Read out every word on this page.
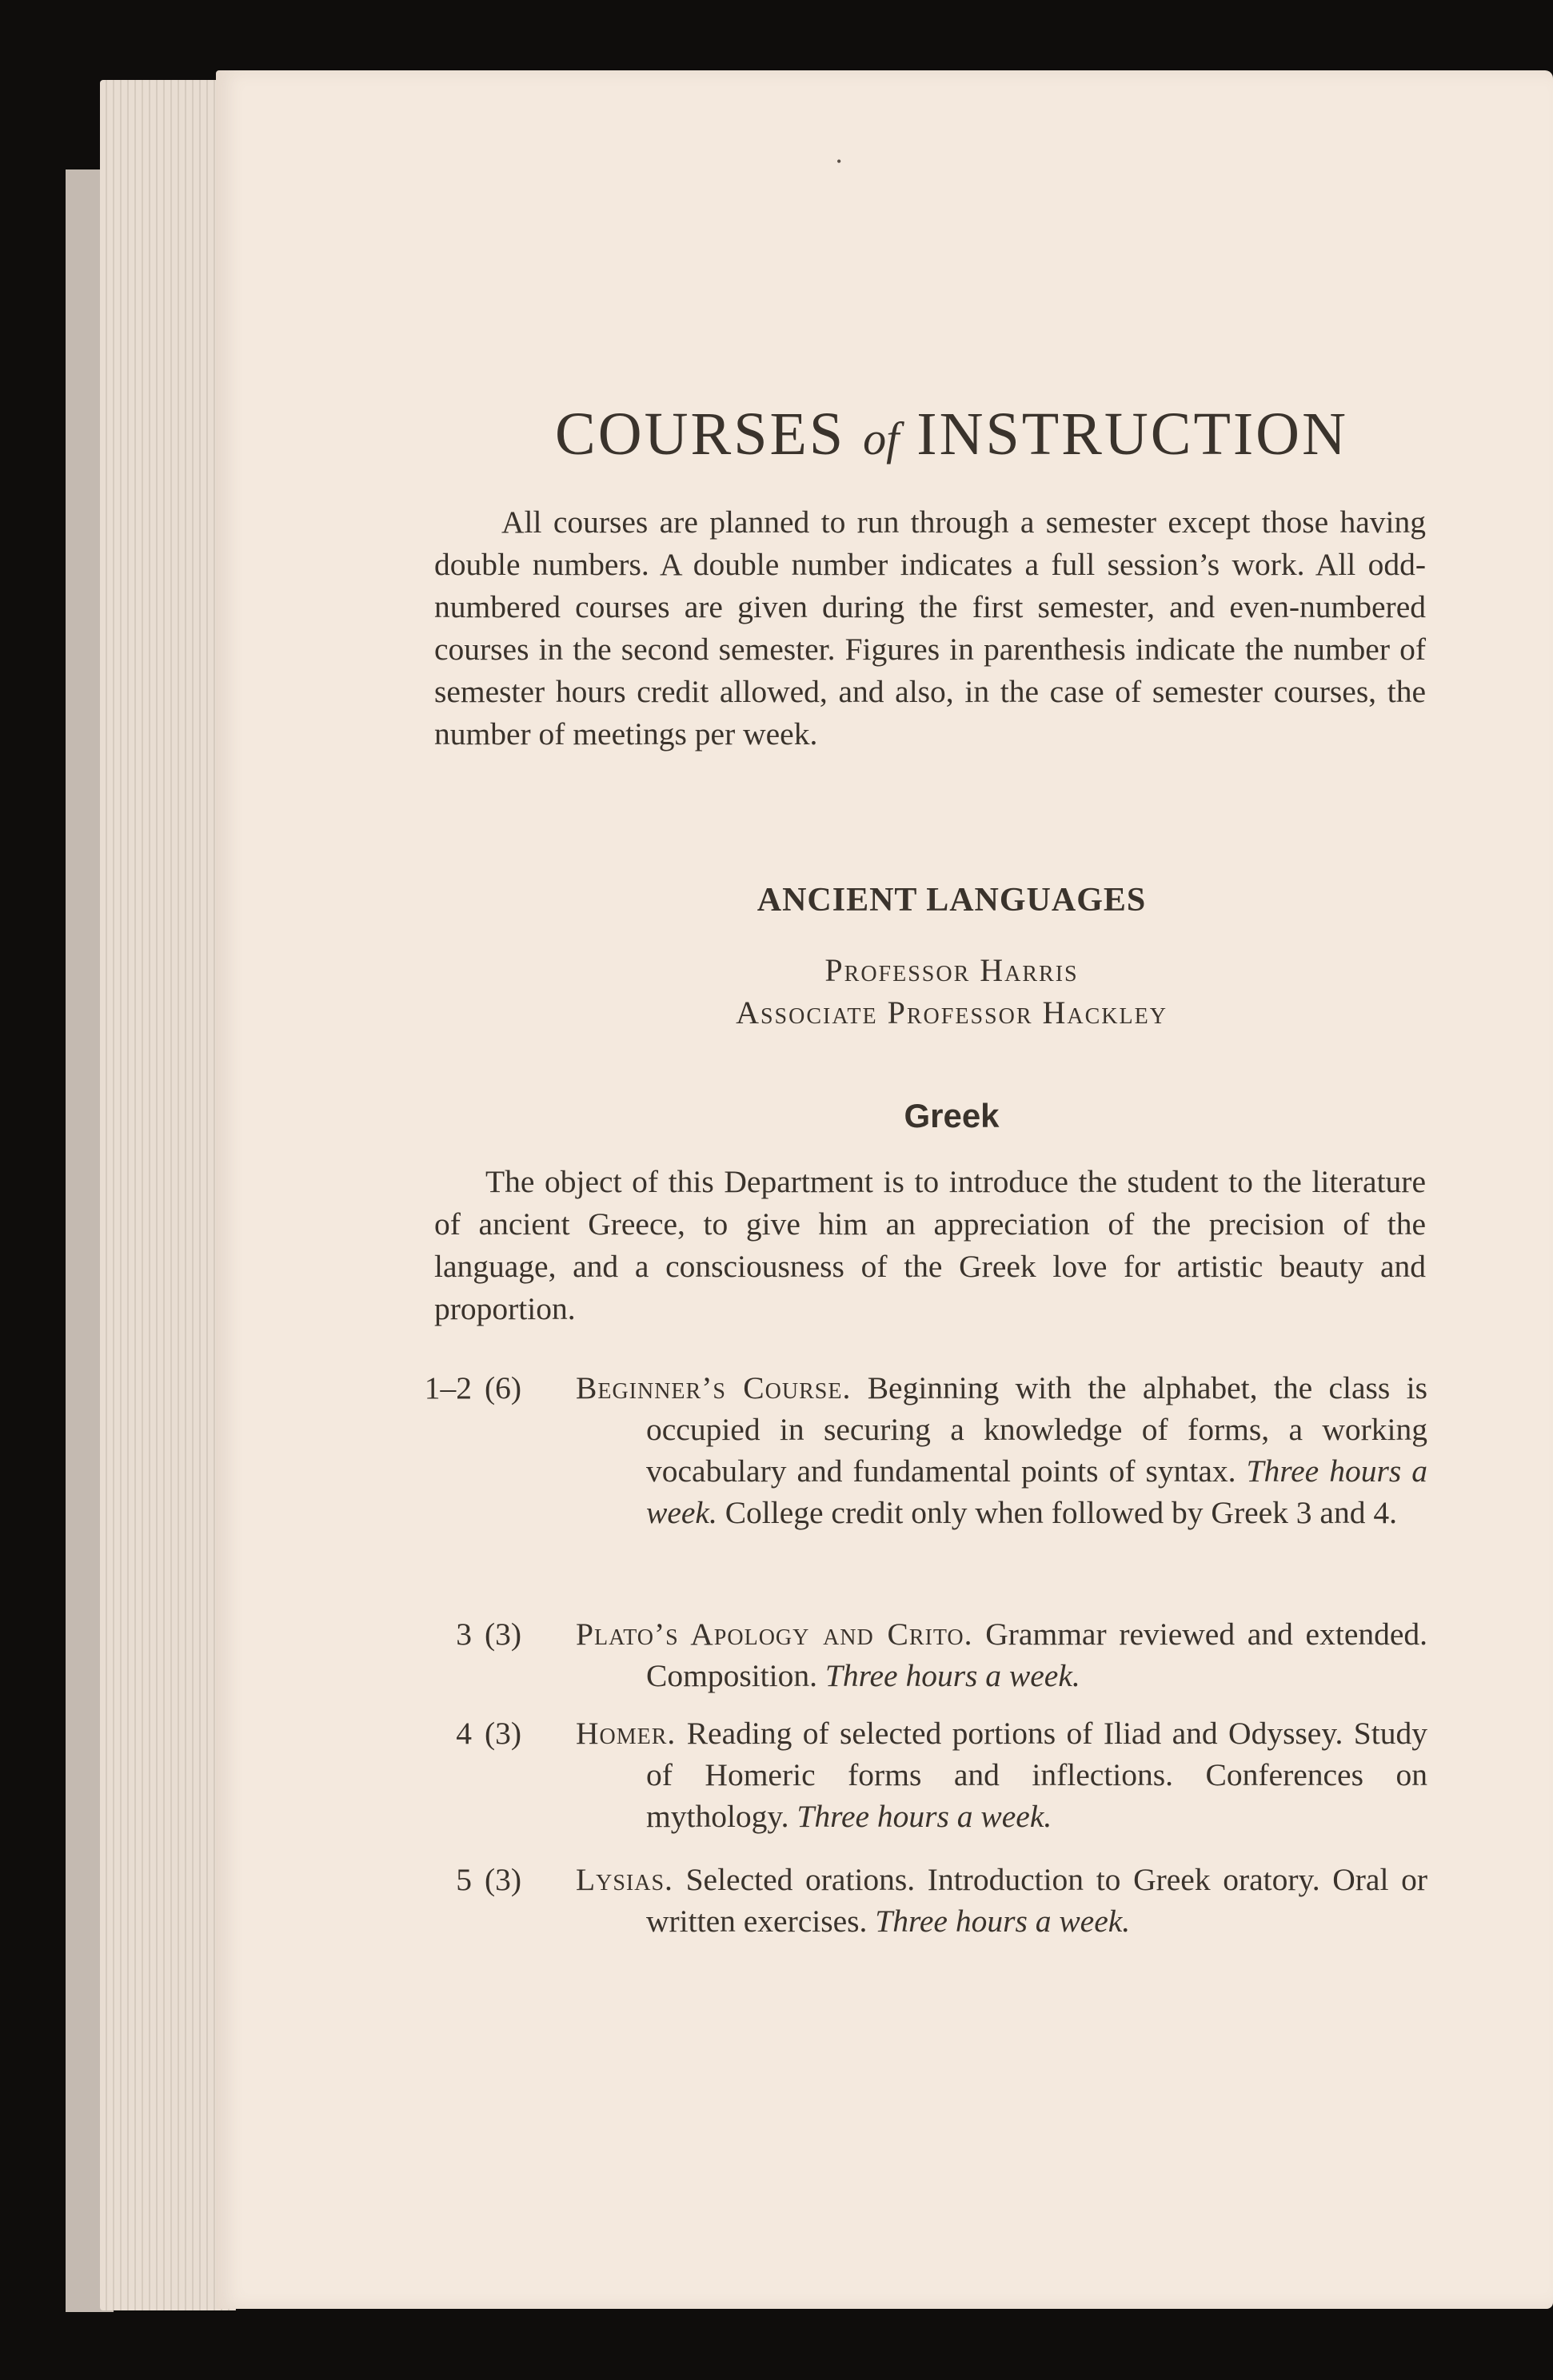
•
COURSES of INSTRUCTION

All courses are planned to run through a semester except those having double numbers. A double number indicates a full session’s work. All odd-numbered courses are given during the first semester, and even-numbered courses in the second semester. Figures in parenthesis indicate the number of semester hours credit allowed, and also, in the case of semester courses, the number of meetings per week.

ANCIENT LANGUAGES
Professor Harris
Associate Professor Hackley
Greek

The object of this Department is to introduce the student to the literature of ancient Greece, to give him an appreciation of the precision of the language, and a consciousness of the Greek love for artistic beauty and proportion.

1–2 (6) Beginner’s Course. Beginning with the alphabet, the class is occupied in securing a knowledge of forms, a working vocabulary and fundamental points of syntax. Three hours a week. College credit only when followed by Greek 3 and 4.

3 (3) Plato’s Apology and Crito. Grammar reviewed and extended. Composition. Three hours a week.

4 (3) Homer. Reading of selected portions of Iliad and Odyssey. Study of Homeric forms and inflections. Conferences on mythology. Three hours a week.

5 (3) Lysias. Selected orations. Introduction to Greek oratory. Oral or written exercises. Three hours a week.
